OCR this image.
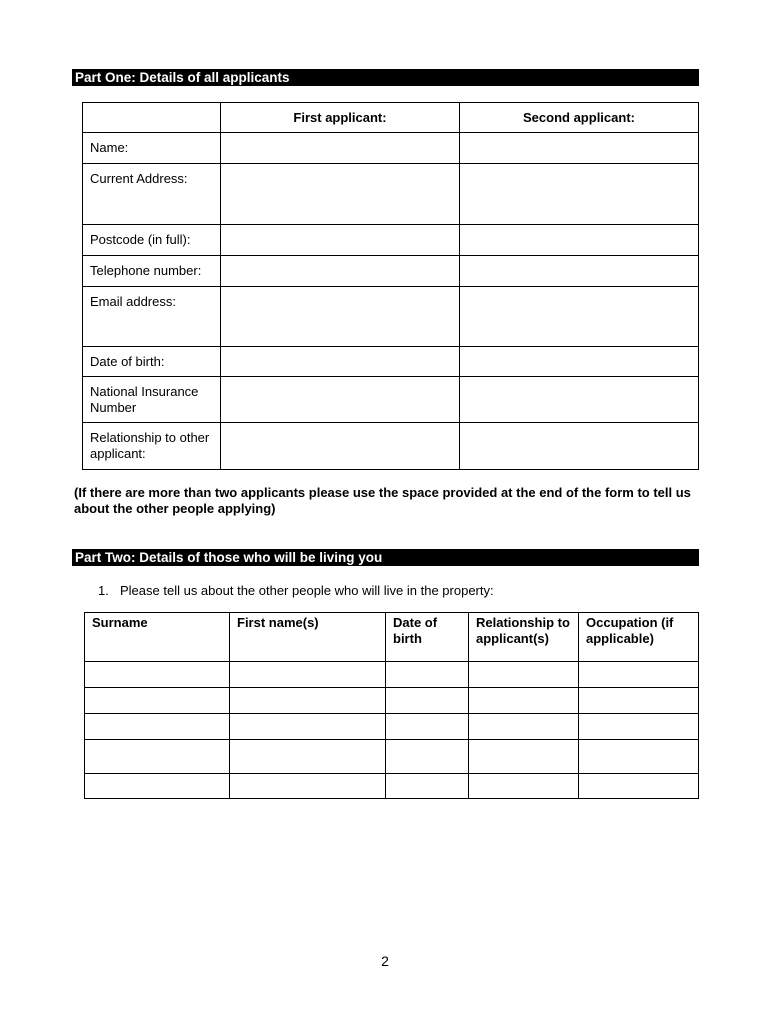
Part One: Details of all applicants
	First applicant:	Second applicant:
Name:		
Current Address:		
Postcode (in full):		
Telephone number:		
Email address:		
Date of birth:		
National Insurance Number		
Relationship to other applicant:		
(If there are more than two applicants please use the space provided at the end of the form to tell us about the other people applying)
Part Two: Details of those who will be living you
1. Please tell us about the other people who will live in the property:
Surname	First name(s)	Date of birth	Relationship to applicant(s)	Occupation (if applicable)

2
